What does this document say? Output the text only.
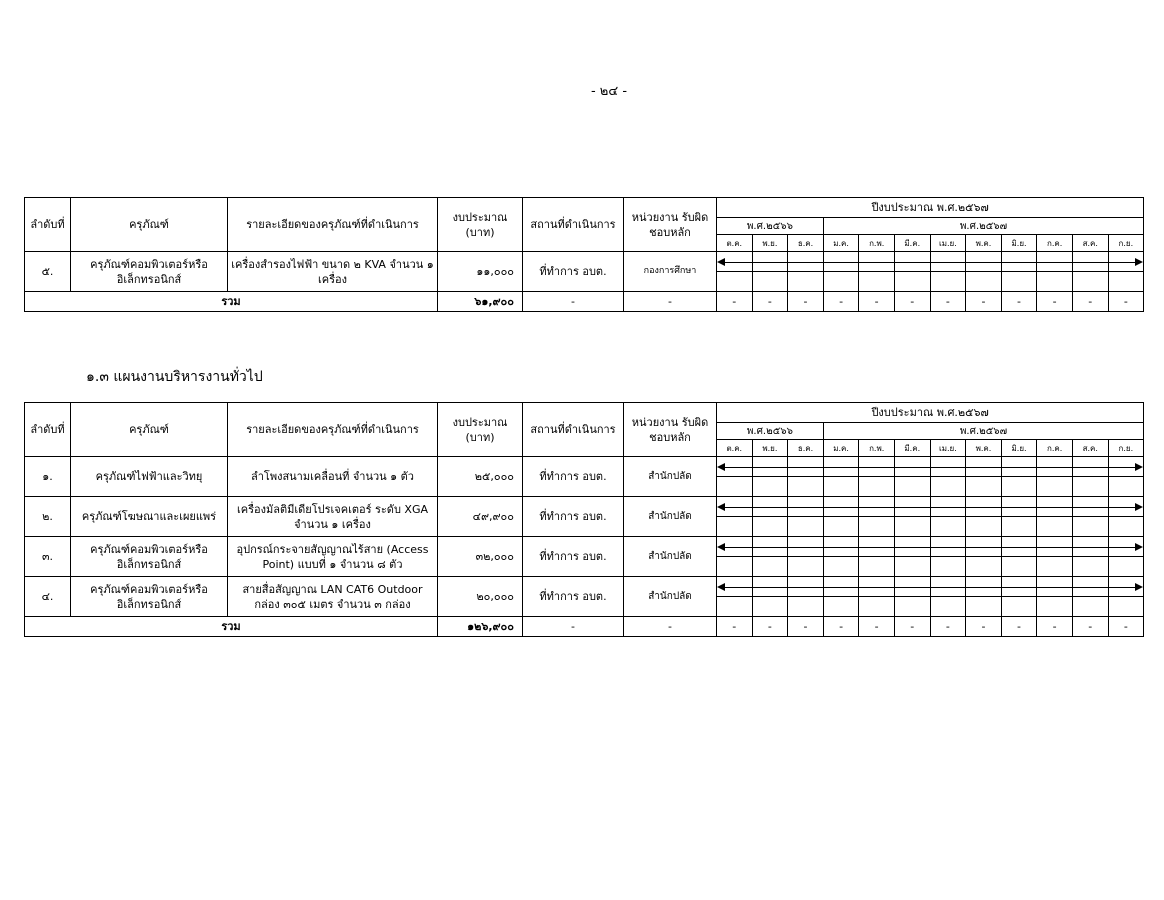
- ๒๔ -
ลำดับที่	ครุภัณฑ์	รายละเอียดของครุภัณฑ์ที่ดำเนินการ	งบประมาณ (บาท)	สถานที่ดำเนินการ	หน่วยงาน รับผิดชอบหลัก	ปีงบประมาณ พ.ศ.๒๕๖๗											
						พ.ศ.๒๕๖๖			พ.ศ.๒๕๖๗								
						ต.ค.	พ.ย.	ธ.ค.	ม.ค.	ก.พ.	มี.ค.	เม.ย.	พ.ค.	มิ.ย.	ก.ค.	ส.ค.	ก.ย.
๕.	ครุภัณฑ์คอมพิวเตอร์หรือ อิเล็กทรอนิกส์	เครื่องสำรองไฟฟ้า ขนาด ๒ KVA จำนวน ๑ เครื่อง	๑๑,๐๐๐	ที่ทำการ อบต.	กองการศึกษา												

รวม			๖๑,๙๐๐	-	-	-	-	-	-	-	-	-	-	-	-	-	-
๑.๓ แผนงานบริหารงานทั่วไป
ลำดับที่	ครุภัณฑ์	รายละเอียดของครุภัณฑ์ที่ดำเนินการ	งบประมาณ (บาท)	สถานที่ดำเนินการ	หน่วยงาน รับผิดชอบหลัก	ปีงบประมาณ พ.ศ.๒๕๖๗											
						พ.ศ.๒๕๖๖			พ.ศ.๒๕๖๗								
						ต.ค.	พ.ย.	ธ.ค.	ม.ค.	ก.พ.	มี.ค.	เม.ย.	พ.ค.	มิ.ย.	ก.ค.	ส.ค.	ก.ย.
๑.	ครุภัณฑ์ไฟฟ้าและวิทยุ	ลำโพงสนามเคลื่อนที่ จำนวน ๑ ตัว	๒๕,๐๐๐	ที่ทำการ อบต.	สำนักปลัด												

๒.	ครุภัณฑ์โฆษณาและเผยแพร่	เครื่องมัลติมีเดียโปรเจคเตอร์ ระดับ XGA จำนวน ๑ เครื่อง	๔๙,๙๐๐	ที่ทำการ อบต.	สำนักปลัด												

๓.	ครุภัณฑ์คอมพิวเตอร์หรือ อิเล็กทรอนิกส์	อุปกรณ์กระจายสัญญาณไร้สาย (Access Point) แบบที่ ๑ จำนวน ๘ ตัว	๓๒,๐๐๐	ที่ทำการ อบต.	สำนักปลัด												

๔.	ครุภัณฑ์คอมพิวเตอร์หรือ อิเล็กทรอนิกส์	สายสื่อสัญญาณ LAN CAT6 Outdoor กล่อง ๓๐๕ เมตร จำนวน ๓ กล่อง	๒๐,๐๐๐	ที่ทำการ อบต.	สำนักปลัด												

รวม			๑๒๖,๙๐๐	-	-	-	-	-	-	-	-	-	-	-	-	-	-
